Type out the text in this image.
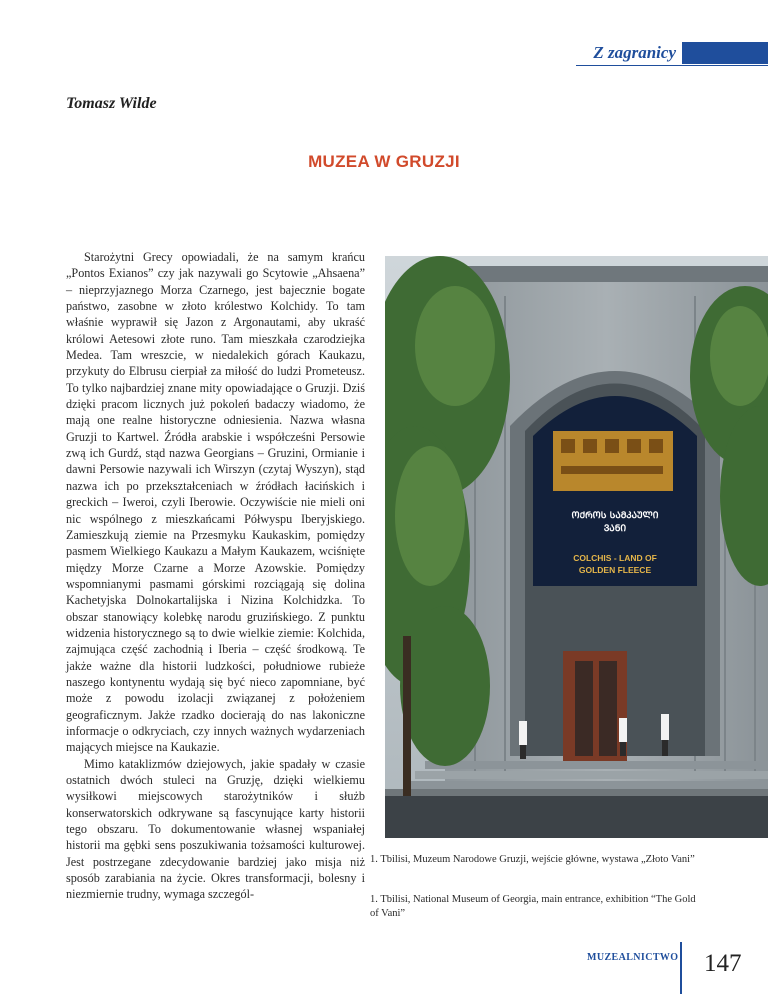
Z zagranicy
Tomasz Wilde
MUZEA W GRUZJI

Starożytni Grecy opowiadali, że na samym krańcu „Pontos Exianos” czy jak nazywali go Scytowie „Ahsaena” – nieprzyjaznego Morza Czarnego, jest bajecznie bogate państwo, zasobne w złoto królestwo Kolchidy. To tam właśnie wyprawił się Jazon z Argonautami, aby ukraść królowi Aetesowi złote runo. Tam mieszkała czarodziejka Medea. Tam wreszcie, w niedalekich górach Kaukazu, przykuty do Elbrusu cierpiał za miłość do ludzi Prometeusz. To tylko najbardziej znane mity opowiadające o Gruzji. Dziś dzięki pracom licznych już pokoleń badaczy wiadomo, że mają one realne historyczne odniesienia. Nazwa własna Gruzji to Kartwel. Źródła arabskie i współcześni Persowie zwą ich Gurdź, stąd nazwa Georgians – Gruzini, Ormianie i dawni Persowie nazywali ich Wirszyn (czytaj Wyszyn), stąd nazwa ich po przekształceniach w źródłach łacińskich i greckich – Iweroi, czyli Iberowie. Oczywiście nie mieli oni nic wspólnego z mieszkańcami Półwyspu Iberyjskiego. Zamieszkują ziemie na Przesmyku Kaukaskim, pomiędzy pasmem Wielkiego Kaukazu a Małym Kaukazem, wciśnięte między Morze Czarne a Morze Azowskie. Pomiędzy wspomnianymi pasmami górskimi rozciągają się dolina Kachetyjska Dolnokartalijska i Nizina Kolchidzka. To obszar stanowiący kolebkę narodu gruzińskiego. Z punktu widzenia historycznego są to dwie wielkie ziemie: Kolchida, zajmująca część zachodnią i Iberia – część środkową. Te jakże ważne dla historii ludzkości, południowe rubieże naszego kontynentu wydają się być nieco zapomniane, być może z powodu izolacji związanej z położeniem geograficznym. Jakże rzadko docierają do nas lakoniczne informacje o odkryciach, czy innych ważnych wydarzeniach mających miejsce na Kaukazie.

Mimo kataklizmów dziejowych, jakie spadały w czasie ostatnich dwóch stuleci na Gruzję, dzięki wielkiemu wysiłkowi miejscowych starożytników i służb konserwatorskich odkrywane są fascynujące karty historii tego obszaru. To dokumentowanie własnej wspaniałej historii ma gębki sens poszukiwania tożsamości kulturowej. Jest postrzegane zdecydowanie bardziej jako misja niż sposób zarabiania na życie. Okres transformacji, bolesny i niezmiernie trudny, wymaga szczegól-

ᲝᲥᲠᲝᲡ ᲡᲐᲛᲙᲐᲣᲚᲘ
ᲕᲐᲜᲘ
COLCHIS - LAND OF
GOLDEN FLEECE
1. Tbilisi, Muzeum Narodowe Gruzji, wejście główne, wystawa „Złoto Vani”
1. Tbilisi, National Museum of Georgia, main entrance, exhibition “The Gold of Vani”
MUZEALNICTWO 147
